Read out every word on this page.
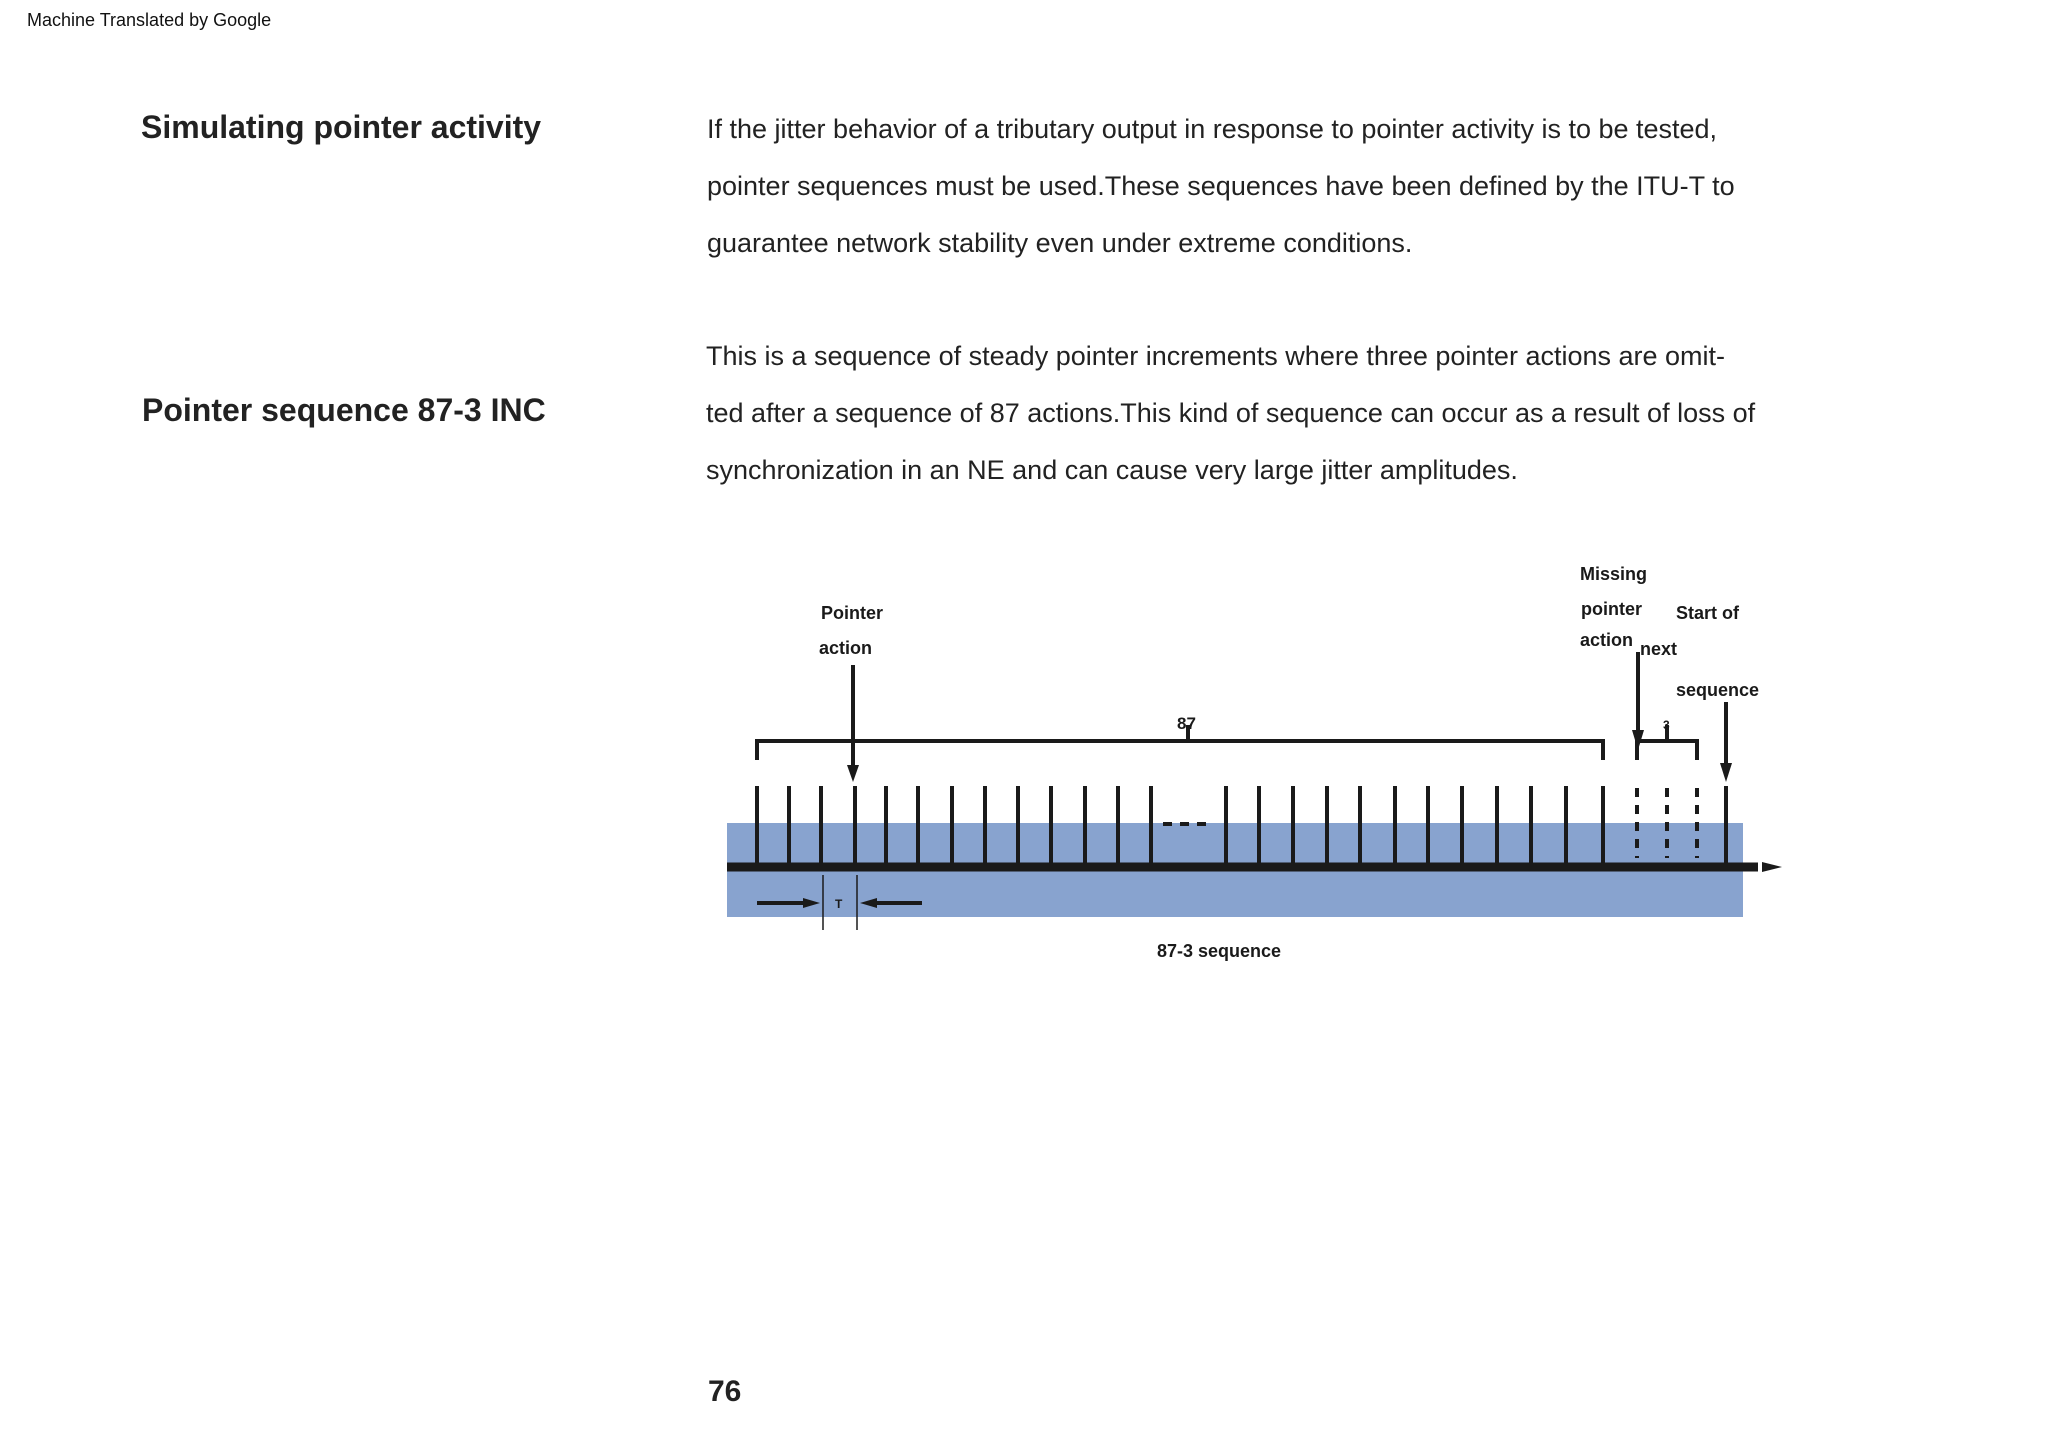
Machine Translated by Google
Simulating pointer activity	If the jitter behavior of a tributary output in response to pointer activity is to be tested,
pointer sequences must be used.These sequences have been defined by the ITU-T to
guarantee network stability even under extreme conditions.

Pointer sequence 87-3 INC

This is a sequence of steady pointer increments where three pointer actions are omit-
ted after a sequence of 87 actions.This kind of sequence can occur as a result of loss of
synchronization in an NE and can cause very large jitter amplitudes.

Pointer
action
87
Missing
pointer
action
Start of
next
sequence
3
T
87-3 sequence
76
